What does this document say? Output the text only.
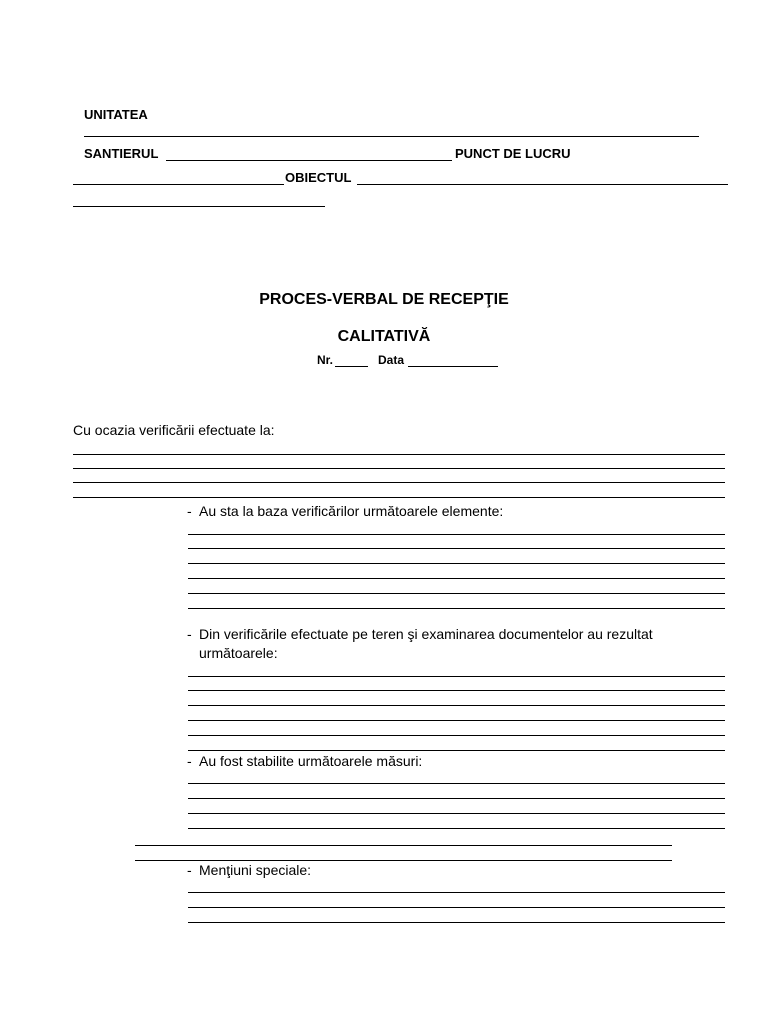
UNITATEA
SANTIERUL	PUNCT DE LUCRU
OBIECTUL
PROCES-VERBAL DE RECEPŢIE
CALITATIVĂ
Nr.	Data
Cu ocazia verificării efectuate la:
- Au sta la baza verificărilor următoarele elemente:
- Din verificările efectuate pe teren şi examinarea documentelor au rezultat
următoarele:
- Au fost stabilite următoarele măsuri:
- Menţiuni speciale:
